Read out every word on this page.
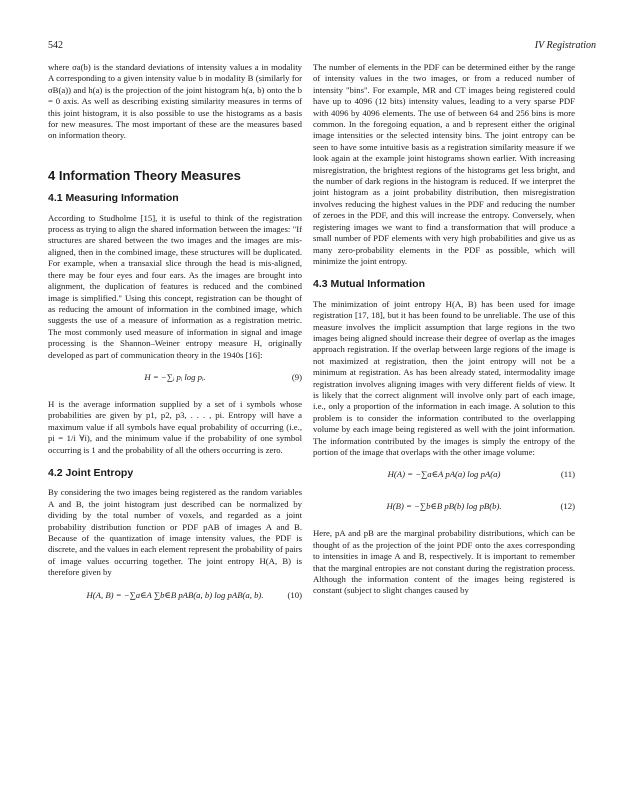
542	IV Registration

where σa(b) is the standard deviations of intensity values a in modality A corresponding to a given intensity value b in modality B (similarly for σB(a)) and h(a) is the projection of the joint histogram h(a, b) onto the b = 0 axis. As well as describing existing similarity measures in terms of this joint histogram, it is also possible to use the histograms as a basis for new measures. The most important of these are the measures based on information theory.

4 Information Theory Measures
4.1 Measuring Information

According to Studholme [15], it is useful to think of the registration process as trying to align the shared information between the images: "If structures are shared between the two images and the images are mis-aligned, then in the combined image, these structures will be duplicated. For example, when a transaxial slice through the head is mis-aligned, there may be four eyes and four ears. As the images are brought into alignment, the duplication of features is reduced and the combined image is simplified." Using this concept, registration can be thought of as reducing the amount of information in the combined image, which suggests the use of a measure of information as a registration metric. The most commonly used measure of information in signal and image processing is the Shannon–Weiner entropy measure H, originally developed as part of communication theory in the 1940s [16]:

H = −∑ᵢ pᵢ log pᵢ.	(9)

H is the average information supplied by a set of i symbols whose probabilities are given by p1, p2, p3, . . . , pi. Entropy will have a maximum value if all symbols have equal probability of occurring (i.e., pi = 1/i ∀i), and the minimum value if the probability of one symbol occurring is 1 and the probability of all the others occurring is zero.

4.2 Joint Entropy

By considering the two images being registered as the random variables A and B, the joint histogram just described can be normalized by dividing by the total number of voxels, and regarded as a joint probability distribution function or PDF pAB of images A and B. Because of the quantization of image intensity values, the PDF is discrete, and the values in each element represent the probability of pairs of image values occurring together. The joint entropy H(A, B) is therefore given by

H(A, B) = −∑a∈A ∑b∈B pAB(a, b) log pAB(a, b).	(10)

The number of elements in the PDF can be determined either by the range of intensity values in the two images, or from a reduced number of intensity "bins". For example, MR and CT images being registered could have up to 4096 (12 bits) intensity values, leading to a very sparse PDF with 4096 by 4096 elements. The use of between 64 and 256 bins is more common. In the foregoing equation, a and b represent either the original image intensities or the selected intensity bins. The joint entropy can be seen to have some intuitive basis as a registration similarity measure if we look again at the example joint histograms shown earlier. With increasing misregistration, the brightest regions of the histograms get less bright, and the number of dark regions in the histogram is reduced. If we interpret the joint histogram as a joint probability distribution, then misregistration involves reducing the highest values in the PDF and reducing the number of zeroes in the PDF, and this will increase the entropy. Conversely, when registering images we want to find a transformation that will produce a small number of PDF elements with very high probabilities and give us as many zero-probability elements in the PDF as possible, which will minimize the joint entropy.

4.3 Mutual Information

The minimization of joint entropy H(A, B) has been used for image registration [17, 18], but it has been found to be unreliable. The use of this measure involves the implicit assumption that large regions in the two images being aligned should increase their degree of overlap as the images approach registration. If the overlap between large regions of the image is not maximized at registration, then the joint entropy will not be a minimum at registration. As has been already stated, intermodality image registration involves aligning images with very different fields of view. It is likely that the correct alignment will involve only part of each image, i.e., only a proportion of the information in each image. A solution to this problem is to consider the information contributed to the overlapping volume by each image being registered as well with the joint information. The information contributed by the images is simply the entropy of the portion of the image that overlaps with the other image volume:

H(A) = −∑a∈A pA(a) log pA(a)	(11)
H(B) = −∑b∈B pB(b) log pB(b).	(12)

Here, pA and pB are the marginal probability distributions, which can be thought of as the projection of the joint PDF onto the axes corresponding to intensities in image A and B, respectively. It is important to remember that the marginal entropies are not constant during the registration process. Although the information content of the images being registered is constant (subject to slight changes caused by
